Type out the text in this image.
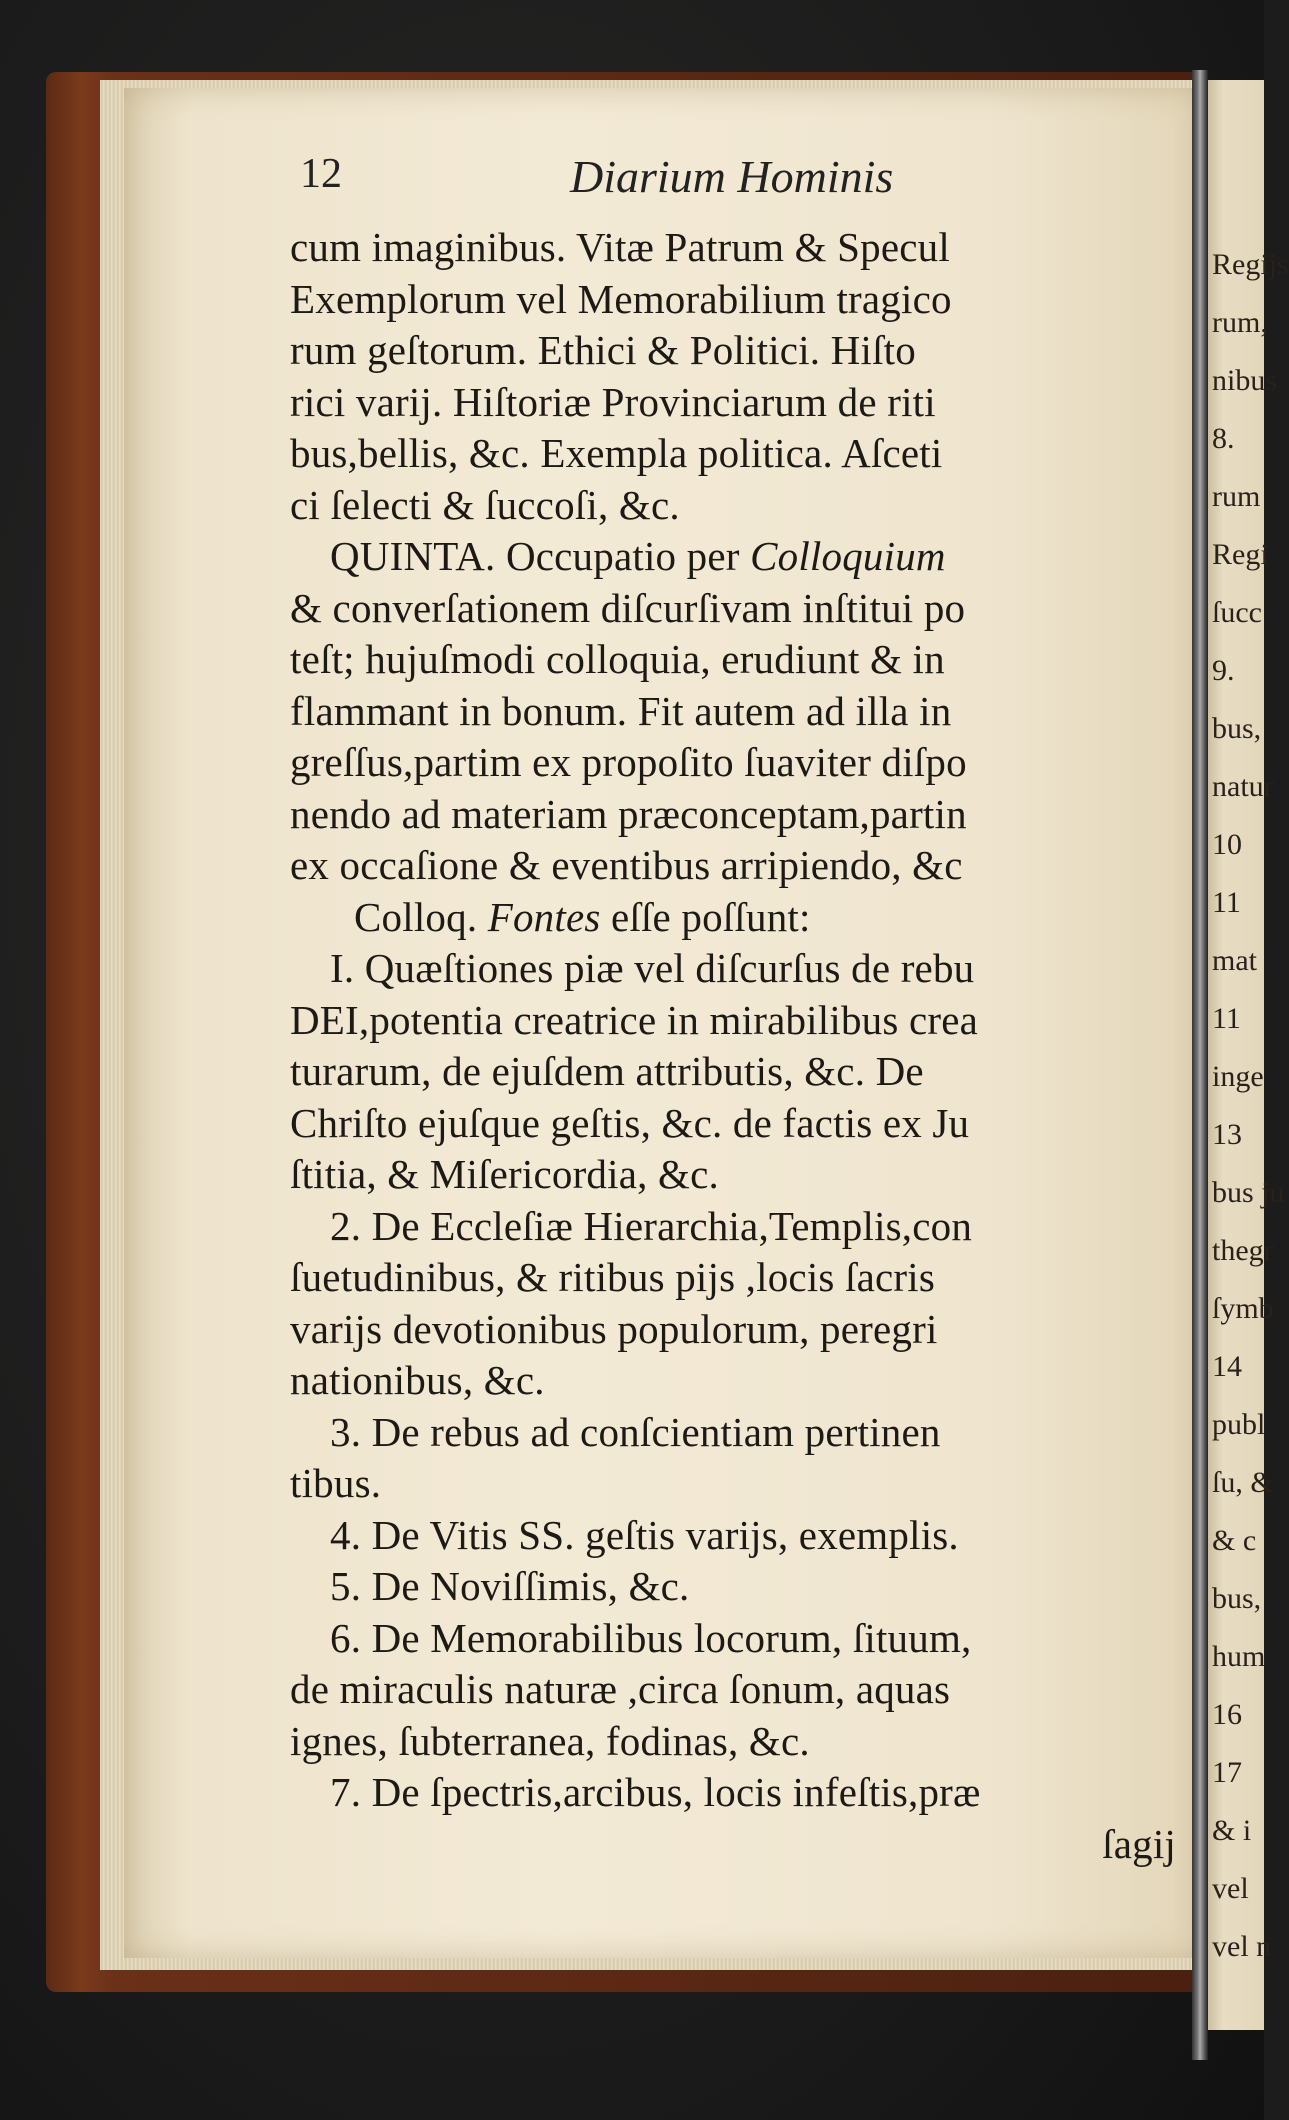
12	Diarium Hominis
cum imaginibus. Vitæ Patrum & Specul
Exemplorum vel Memorabilium tragico
rum geſtorum. Ethici & Politici. Hiſto
rici varij. Hiſtoriæ Provinciarum de riti
bus,bellis, &c. Exempla politica. Aſceti
ci ſelecti & ſuccoſi, &c.
QUINTA. Occupatio per Colloquium
& converſationem diſcurſivam inſtitui po
teſt; hujuſmodi colloquia, erudiunt & in
flammant in bonum. Fit autem ad illa in
greſſus,partim ex propoſito ſuaviter diſpo
nendo ad materiam præconceptam,partin
ex occaſione & eventibus arripiendo, &c
Colloq. Fontes eſſe poſſunt:
I. Quæſtiones piæ vel diſcurſus de rebu
DEI,potentia creatrice in mirabilibus crea
turarum, de ejuſdem attributis, &c. De
Chriſto ejuſque geſtis, &c. de factis ex Ju
ſtitia, & Miſericordia, &c.
2. De Eccleſiæ Hierarchia,Templis,con
ſuetudinibus, & ritibus pijs ,locis ſacris
varijs devotionibus populorum, peregri
nationibus, &c.
3. De rebus ad conſcientiam pertinen
tibus.
4. De Vitis SS. geſtis varijs, exemplis.
5. De Noviſſimis, &c.
6. De Memorabilibus locorum, ſituum,
de miraculis naturæ ,circa ſonum, aquas
ignes, ſubterranea, fodinas, &c.
7. De ſpectris,arcibus, locis infeſtis,præ
ſagij
Regijs
rum,
nibus
8.
rum
Regi
ſucc
9.
bus,
natur
10
11
mat
11
inge
13
bus ju
thegr
ſymb
14
publ
ſu, &
& c
bus,
hum
16
17
& i
vel
vel n
